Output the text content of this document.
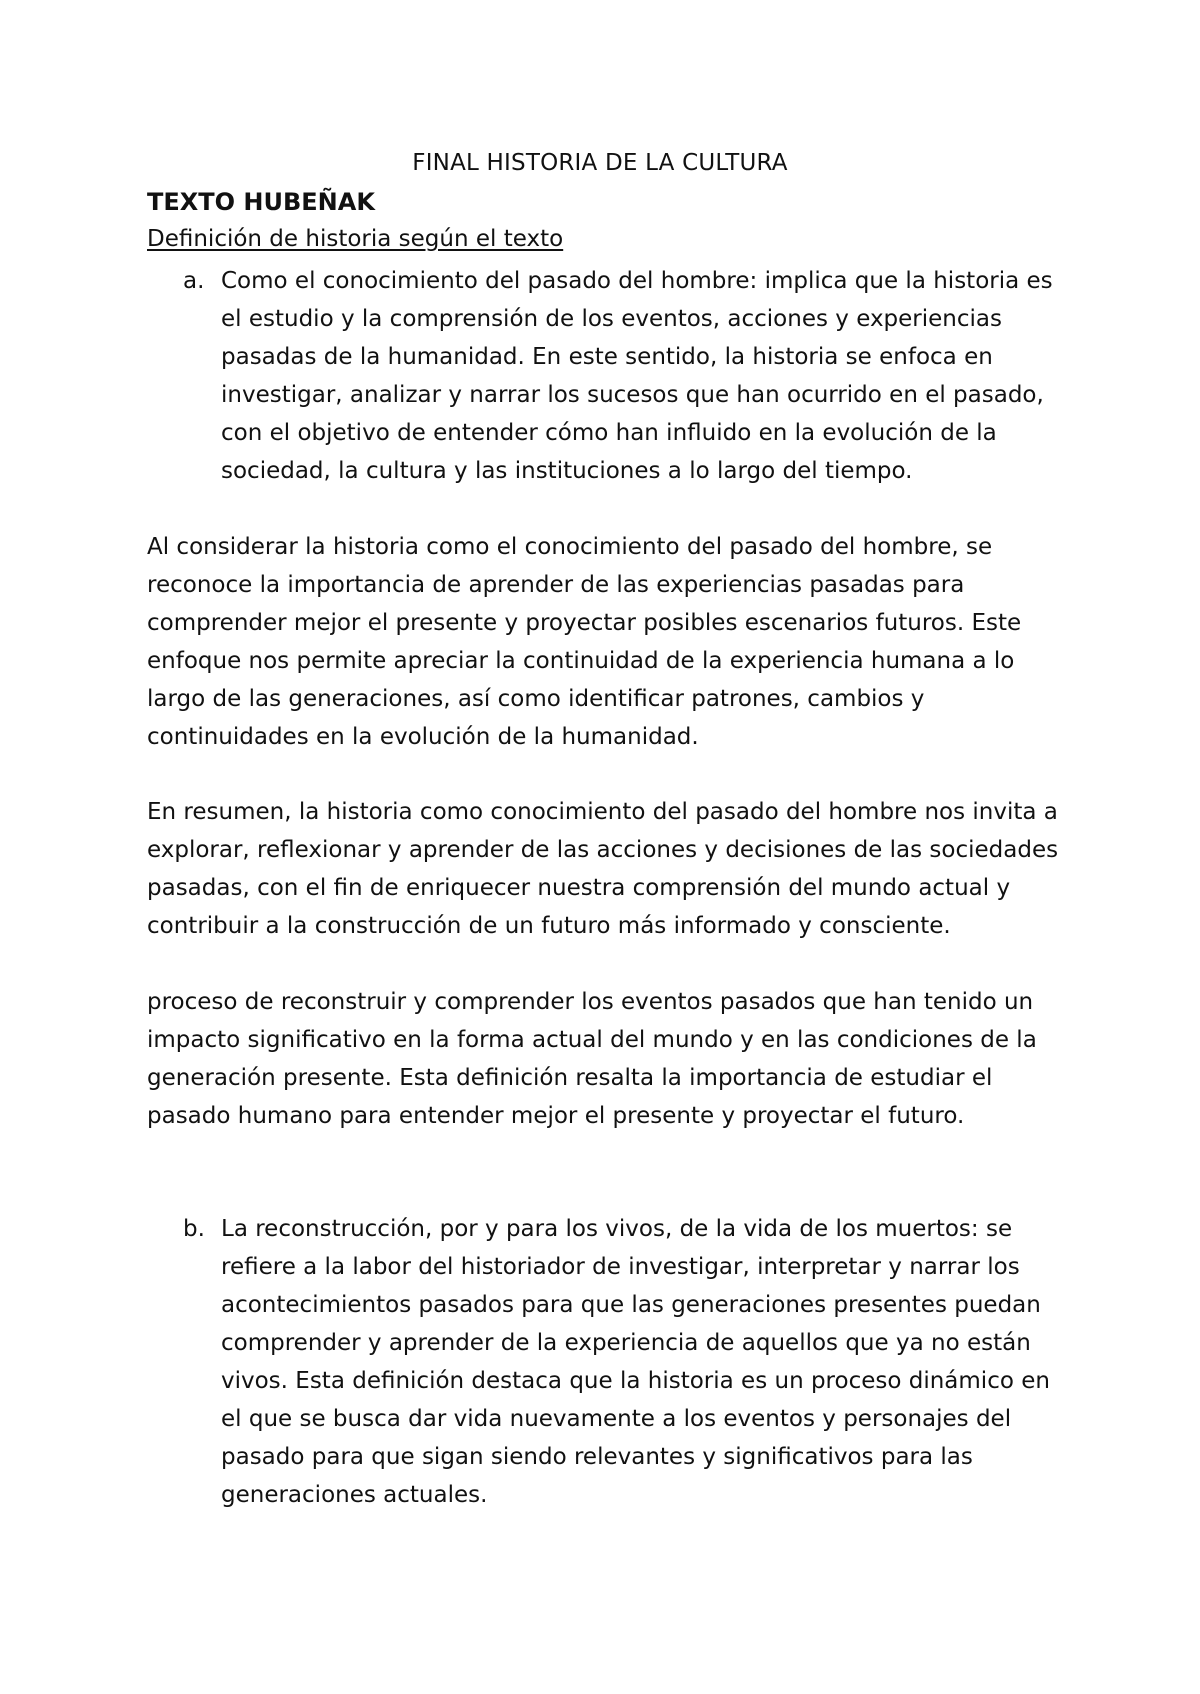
FINAL HISTORIA DE LA CULTURA
TEXTO HUBEÑAK
Definición de historia según el texto
a. Como el conocimiento del pasado del hombre: implica que la historia es el estudio y la comprensión de los eventos, acciones y experiencias pasadas de la humanidad. En este sentido, la historia se enfoca en investigar, analizar y narrar los sucesos que han ocurrido en el pasado, con el objetivo de entender cómo han influido en la evolución de la sociedad, la cultura y las instituciones a lo largo del tiempo.

Al considerar la historia como el conocimiento del pasado del hombre, se reconoce la importancia de aprender de las experiencias pasadas para comprender mejor el presente y proyectar posibles escenarios futuros. Este enfoque nos permite apreciar la continuidad de la experiencia humana a lo largo de las generaciones, así como identificar patrones, cambios y continuidades en la evolución de la humanidad.

En resumen, la historia como conocimiento del pasado del hombre nos invita a explorar, reflexionar y aprender de las acciones y decisiones de las sociedades pasadas, con el fin de enriquecer nuestra comprensión del mundo actual y contribuir a la construcción de un futuro más informado y consciente.

proceso de reconstruir y comprender los eventos pasados que han tenido un impacto significativo en la forma actual del mundo y en las condiciones de la generación presente. Esta definición resalta la importancia de estudiar el pasado humano para entender mejor el presente y proyectar el futuro.

b. La reconstrucción, por y para los vivos, de la vida de los muertos: se refiere a la labor del historiador de investigar, interpretar y narrar los acontecimientos pasados para que las generaciones presentes puedan comprender y aprender de la experiencia de aquellos que ya no están vivos. Esta definición destaca que la historia es un proceso dinámico en el que se busca dar vida nuevamente a los eventos y personajes del pasado para que sigan siendo relevantes y significativos para las generaciones actuales.
